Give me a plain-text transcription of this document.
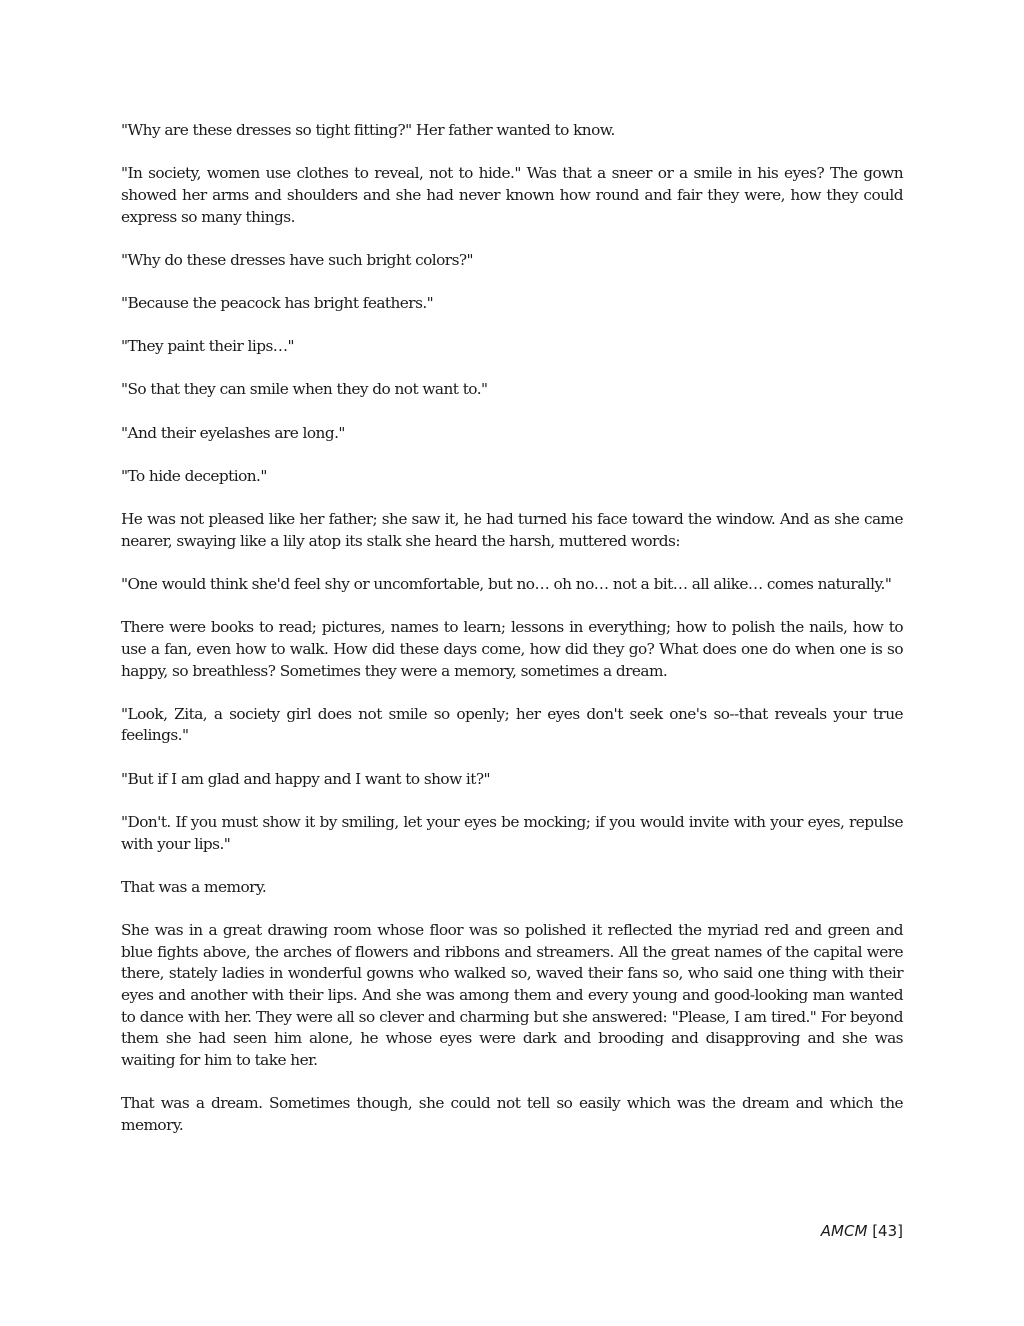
"Why are these dresses so tight fitting?" Her father wanted to know.

"In society, women use clothes to reveal, not to hide." Was that a sneer or a smile in his eyes? The gown showed her arms and shoulders and she had never known how round and fair they were, how they could express so many things.

"Why do these dresses have such bright colors?"

"Because the peacock has bright feathers."

"They paint their lips…"

"So that they can smile when they do not want to."

"And their eyelashes are long."

"To hide deception."

He was not pleased like her father; she saw it, he had turned his face toward the window. And as she came nearer, swaying like a lily atop its stalk she heard the harsh, muttered words:

"One would think she'd feel shy or uncomfortable, but no… oh no… not a bit… all alike… comes naturally."

There were books to read; pictures, names to learn; lessons in everything; how to polish the nails, how to use a fan, even how to walk. How did these days come, how did they go? What does one do when one is so happy, so breathless? Sometimes they were a memory, sometimes a dream.

"Look, Zita, a society girl does not smile so openly; her eyes don't seek one's so--that reveals your true feelings."

"But if I am glad and happy and I want to show it?"

"Don't. If you must show it by smiling, let your eyes be mocking; if you would invite with your eyes, repulse with your lips."

That was a memory.

She was in a great drawing room whose floor was so polished it reflected the myriad red and green and blue fights above, the arches of flowers and ribbons and streamers. All the great names of the capital were there, stately ladies in wonderful gowns who walked so, waved their fans so, who said one thing with their eyes and another with their lips. And she was among them and every young and good-looking man wanted to dance with her. They were all so clever and charming but she answered: "Please, I am tired." For beyond them she had seen him alone, he whose eyes were dark and brooding and disapproving and she was waiting for him to take her.

That was a dream. Sometimes though, she could not tell so easily which was the dream and which the memory.

AMCM [43]
